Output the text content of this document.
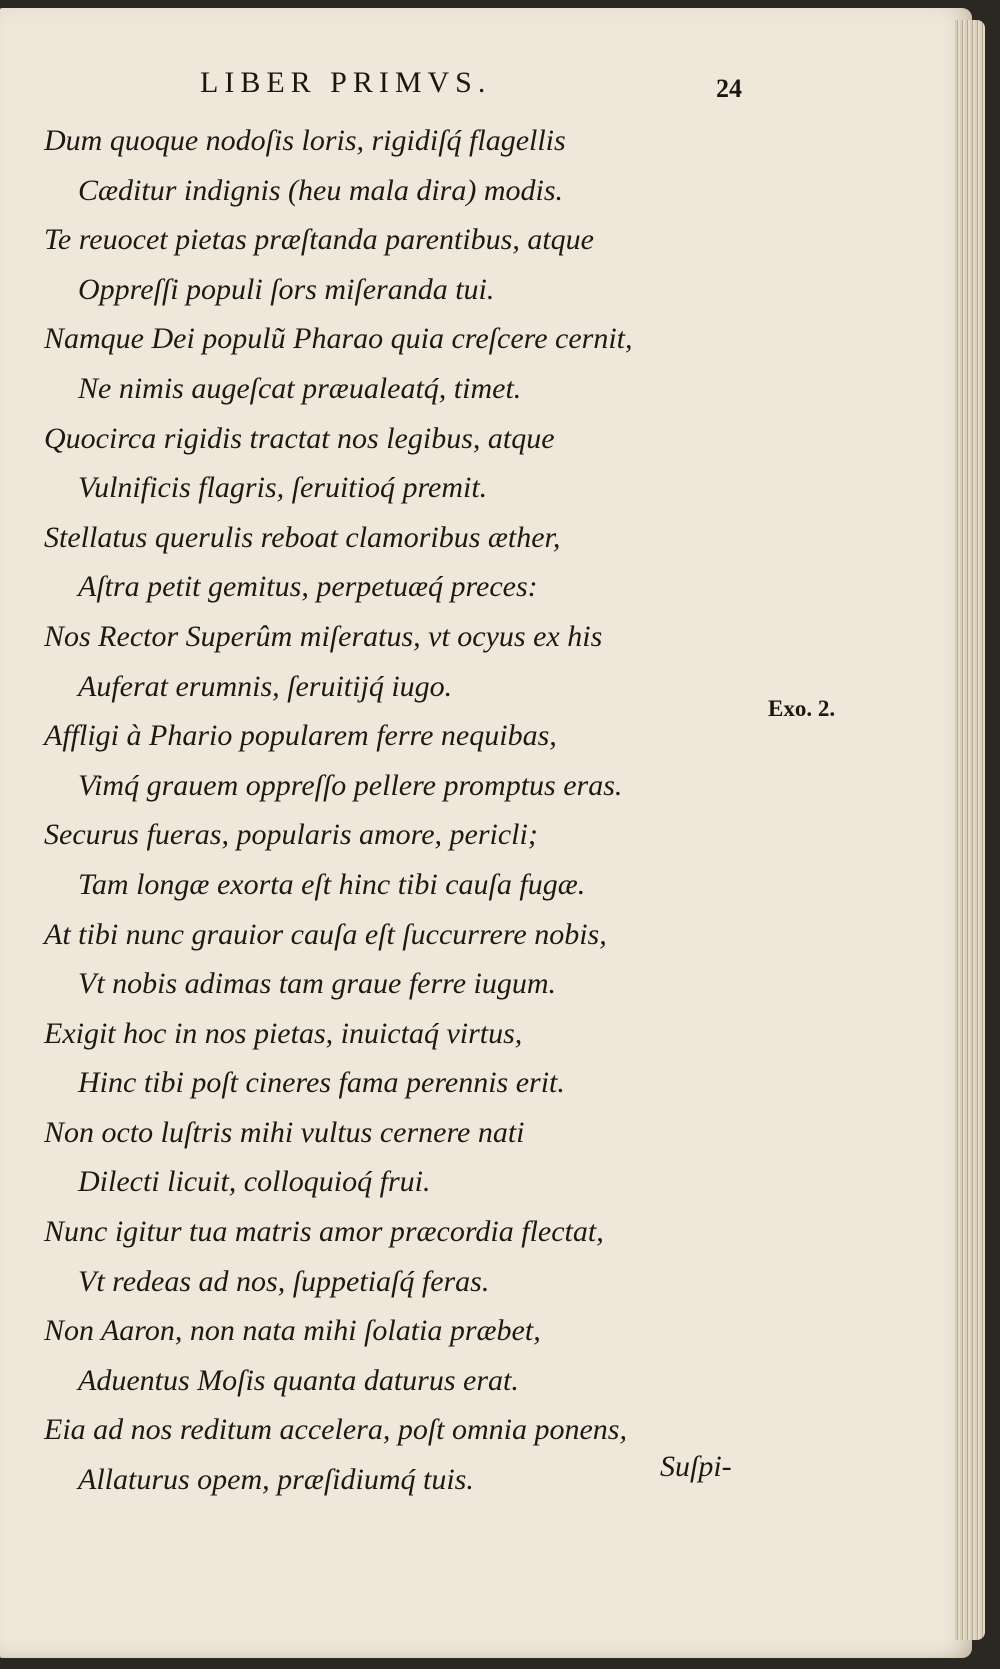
LIBER PRIMVS.	24
Dum quoque nodoſis loris, rigidiſq́ flagellis
Cæditur indignis (heu mala dira) modis.
Te reuocet pietas præſtanda parentibus, atque
Oppreſſi populi ſors miſeranda tui.
Namque Dei populũ Pharao quia creſcere cernit,
Ne nimis augeſcat præualeatq́, timet.
Quocirca rigidis tractat nos legibus, atque
Vulnificis flagris, ſeruitioq́ premit.
Stellatus querulis reboat clamoribus æther,
Aſtra petit gemitus, perpetuæq́ preces:
Nos Rector Superûm miſeratus, vt ocyus ex his
Auferat erumnis, ſeruitijq́ iugo.
Affligi à Phario popularem ferre nequibas,
Vimq́ grauem oppreſſo pellere promptus eras.
Securus fueras, popularis amore, pericli;
Tam longæ exorta eſt hinc tibi cauſa fugæ.
At tibi nunc grauior cauſa eſt ſuccurrere nobis,
Vt nobis adimas tam graue ferre iugum.
Exigit hoc in nos pietas, inuictaq́ virtus,
Hinc tibi poſt cineres fama perennis erit.
Non octo luſtris mihi vultus cernere nati
Dilecti licuit, colloquioq́ frui.
Nunc igitur tua matris amor præcordia flectat,
Vt redeas ad nos, ſuppetiaſq́ feras.
Non Aaron, non nata mihi ſolatia præbet,
Aduentus Moſis quanta daturus erat.
Eia ad nos reditum accelera, poſt omnia ponens,
Allaturus opem, præſidiumq́ tuis.
Exo. 2.
Suſpi-
